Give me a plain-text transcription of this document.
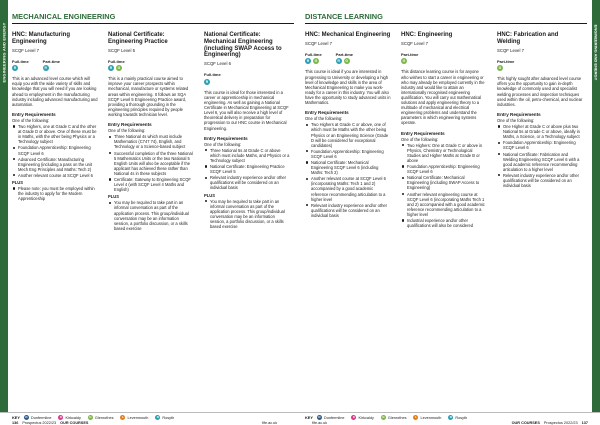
ENGINEERING AND ENERGY	ENGINEERING AND ENERGY
MECHANICAL ENGINEERING	DISTANCE LEARNING
HNC: Manufacturing Engineering
SCQF Level 7
Full-time
R
Part-time
R

This is an advanced level course which will equip you with the wide variety of skills and knowledge that you will need if you are looking ahead to employment in the manufacturing industry including advanced manufacturing and automation.

Entry Requirements

One of the following:

Two Highers, one at Grade C and the other at Grade D or above. One of these must be in Maths, with the other being Physics or a Technology subject
Foundation Apprenticeship: Engineering SCQF Level 6
Advanced Certificate: Manufacturing Engineering (including a pass on the unit Mech Eng Principles and Maths: Tech 2)
Another relevant course at SCQF Level 6

PLUS

Please note: you must be employed within the industry to apply for the Modern Apprenticeship
National Certificate: Engineering Practice
SCQF Level 5
Full-time
R	G

This is a mainly practical course aimed to improve your career prospects within mechanical, manufacture or systems related areas within engineering. It follows an SQA SCQF Level 5 Engineering Practice award, providing a thorough grounding in the engineering principles required by people working towards technician level.

Entry Requirements

One of the following:

Three National 4s which must include Mathematics (C747 74), English, and Technology or a Science-based subject
Successful completion of the three National 5 Mathematics Units or the two National 5 English Units will also be acceptable if the applicant has achieved these rather than National 4s in these subjects
Certificate: Gateway to Engineering SCQF Level 4 (with SCQF Level 4 Maths and English)

PLUS

You may be required to take part in an informal conversation as part of the application process. This group/individual conversation may be an information session, a portfolio discussion, or a skills based exercise
National Certificate: Mechanical Engineering (including SWAP Access to Engineering)
SCQF Level 6
Full-time
R

This course is ideal for those interested in a career or apprenticeship in mechanical engineering. As well as gaining a National Certificate in Mechanical Engineering at SCQF Level 6, you will also receive a high level of theoretical delivery in preparation for progression to our HNC course in Mechanical Engineering.

Entry Requirements

One of the following:

Three National 5s at Grade C or above which must include Maths, and Physics or a Technology subject
National Certificate: Engineering Practice SCQF Level 5
Relevant industry experience and/or other qualifications will be considered on an individual basis

PLUS

You may be required to take part in an informal conversation as part of the application process. This group/individual conversation may be an information session, a portfolio discussion, or a skills based exercise
HNC: Mechanical Engineering
SCQF Level 7
Full-time
R	G
Part-time
R	G

This course is ideal if you are interested in progressing to University or developing a high level of knowledge and skills in the area of Mechanical Engineering to make you work-ready for a career in this industry. You will also have the opportunity to study advanced units in Mathematics.

Entry Requirements

One of the following:

Two Highers at Grade C or above, one of which must be Maths with the other being Physics or an Engineering Science (Grade D will be considered for exceptional candidates)
Foundation Apprenticeship: Engineering SCQF Level 6
National Certificate: Mechanical Engineering SCQF Level 6 (including Maths: Tech 2)
Another relevant course at SCQF Level 6 (incorporating Maths: Tech 1 and 2) accompanied by a good academic reference recommending articulation to a higher level
Relevant industry experience and/or other qualifications will be considered on an individual basis
HNC: Engineering
SCQF Level 7
Part-time
G

This distance learning course is for anyone who wishes to start a career in engineering or who may already be employed currently in the industry and would like to attain an internationally recognised engineering qualification. You will carry out mathematical solutions and apply engineering theory to a multitude of mechanical and electrical engineering problems and understand the parameters in which engineering systems operate.

Entry Requirements

One of the following:

Two Highers: One at Grade C or above in Physics, Chemistry or Technological Studies and Higher Maths at Grade B or above
Foundation Apprenticeship: Engineering SCQF Level 6
National Certificate: Mechanical Engineering (including SWAP Access to Engineering)
Another relevant engineering course at SCQF Level 6 (incorporating Maths Tech 1 and 2) accompanied with a good academic reference recommending articulation to a higher level
Industrial experience and/or other qualifications will also be considered
HNC: Fabrication and Welding
SCQF Level 7
Part-time
G

This highly sought after advanced level course offers you the opportunity to gain in-depth knowledge of commonly used and specialist welding processes and inspection techniques used within the oil, petro-chemical, and nuclear industries.

Entry Requirements

One of the following:

One Higher at Grade C or above plus two National 5s at Grade C or above, ideally in Maths, a Science, or a Technology subject
Foundation Apprenticeship: Engineering SCQF Level 6
National Certificate: Fabrication and Welding Engineering SCQF Level 6 with a good academic reference recommending articulation to a higher level
Relevant industry experience and/or other qualifications will be considered on an individual basis
KEY	D Dunfermline	K Kirkcaldy	G Glenrothes	L Levenmouth	R Rosyth	KEY	D Dunfermline	K Kirkcaldy	G Glenrothes	L Levenmouth	R Rosyth
136 Prospectus 2022/23 OUR COURSES	fife.ac.uk	fife.ac.uk	OUR COURSES Prospectus 2022/23 137
